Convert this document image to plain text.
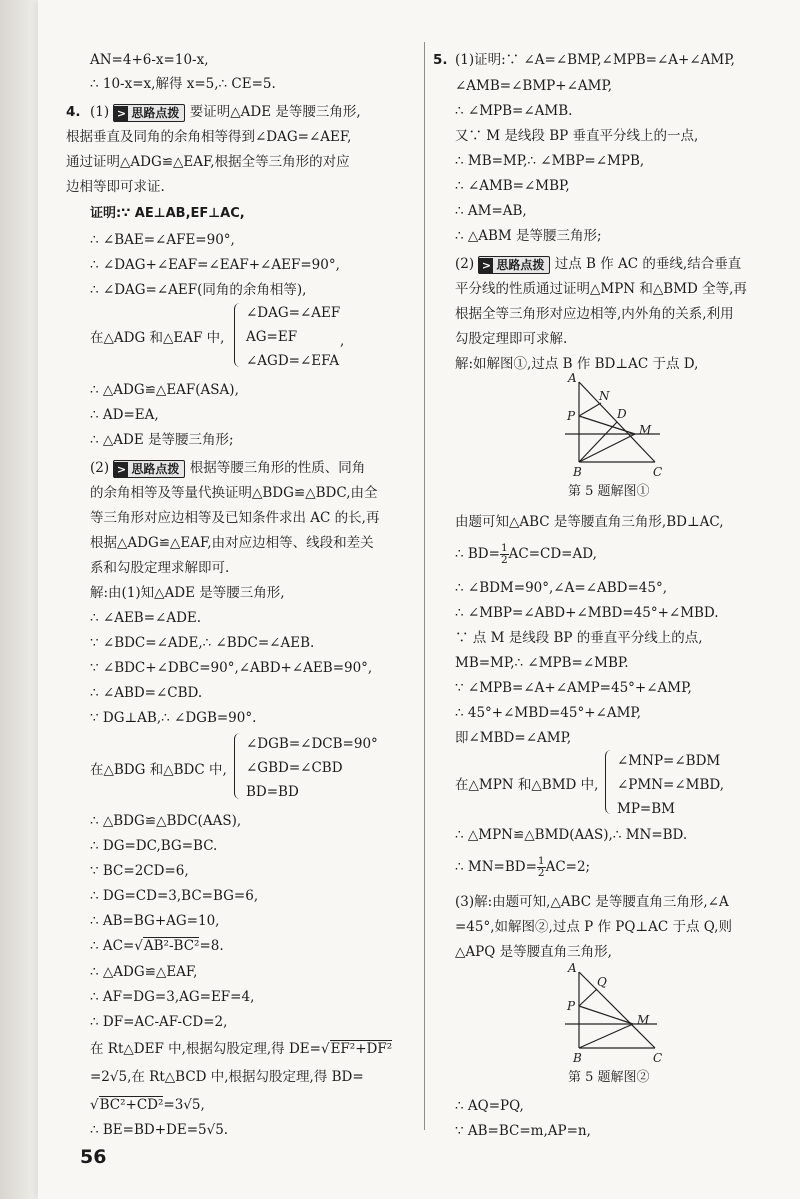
AN=4+6-x=10-x,
∴ 10-x=x,解得 x=5,∴ CE=5.
4. (1) > 思路点拨 要证明△ADE 是等腰三角形,
根据垂直及同角的余角相等得到∠DAG=∠AEF,
通过证明△ADG≌△EAF,根据全等三角形的对应
边相等即可求证.
证明:∵ AE⊥AB,EF⊥AC,
∴ ∠BAE=∠AFE=90°,
∴ ∠DAG+∠EAF=∠EAF+∠AEF=90°,
∴ ∠DAG=∠AEF(同角的余角相等),
在△ADG 和△EAF 中,
∠DAG=∠AEF
AG=EF
∠AGD=∠EFA
,
∴ △ADG≌△EAF(ASA),
∴ AD=EA,
∴ △ADE 是等腰三角形;
(2) > 思路点拨 根据等腰三角形的性质、同角
的余角相等及等量代换证明△BDG≌△BDC,由全
等三角形对应边相等及已知条件求出 AC 的长,再
根据△ADG≌△EAF,由对应边相等、线段和差关
系和勾股定理求解即可.
解:由(1)知△ADE 是等腰三角形,
∴ ∠AEB=∠ADE.
∵ ∠BDC=∠ADE,∴ ∠BDC=∠AEB.
∵ ∠BDC+∠DBC=90°,∠ABD+∠AEB=90°,
∴ ∠ABD=∠CBD.
∵ DG⊥AB,∴ ∠DGB=90°.
在△BDG 和△BDC 中,
∠DGB=∠DCB=90°
∠GBD=∠CBD
BD=BD
∴ △BDG≌△BDC(AAS),
∴ DG=DC,BG=BC.
∵ BC=2CD=6,
∴ DG=CD=3,BC=BG=6,
∴ AB=BG+AG=10,
∴ AC=√AB²-BC²=8.
∴ △ADG≌△EAF,
∴ AF=DG=3,AG=EF=4,
∴ DF=AC-AF-CD=2,
在 Rt△DEF 中,根据勾股定理,得 DE=√EF²+DF²
=2√5,在 Rt△BCD 中,根据勾股定理,得 BD=
√BC²+CD²=3√5,
∴ BE=BD+DE=5√5.
56
5. (1)证明:∵ ∠A=∠BMP,∠MPB=∠A+∠AMP,
∠AMB=∠BMP+∠AMP,
∴ ∠MPB=∠AMB.
又∵ M 是线段 BP 垂直平分线上的一点,
∴ MB=MP,∴ ∠MBP=∠MPB,
∴ ∠AMB=∠MBP,
∴ AM=AB,
∴ △ABM 是等腰三角形;
(2) > 思路点拨 过点 B 作 AC 的垂线,结合垂直
平分线的性质通过证明△MPN 和△BMD 全等,再
根据全等三角形对应边相等,内外角的关系,利用
勾股定理即可求解.
解:如解图①,过点 B 作 BD⊥AC 于点 D,
A
N
P	D
M
B	C
第 5 题解图①
由题可知△ABC 是等腰直角三角形,BD⊥AC,
∴ $BD= \frac{1}{2}AC=CD=AD$,
∴ ∠BDM=90°,∠A=∠ABD=45°,
∴ ∠MBP=∠ABD+∠MBD=45°+∠MBD.
∵ 点 M 是线段 BP 的垂直平分线上的点,
MB=MP,∴ ∠MPB=∠MBP.
∵ ∠MPB=∠A+∠AMP=45°+∠AMP,
∴ 45°+∠MBD=45°+∠AMP,
即∠MBD=∠AMP,
在△MPN 和△BMD 中,
∠MNP=∠BDM
∠PMN=∠MBD,
MP=BM
∴ △MPN≌△BMD(AAS),∴ MN=BD.
∴ $MN=BD= \frac{1}{2}AC=2$;
(3)解:由题可知,△ABC 是等腰直角三角形,∠A
=45°,如解图②,过点 P 作 PQ⊥AC 于点 Q,则
△APQ 是等腰直角三角形,
A
Q
P
M
B	C
第 5 题解图②
∴ AQ=PQ,
∵ AB=BC=m,AP=n,
